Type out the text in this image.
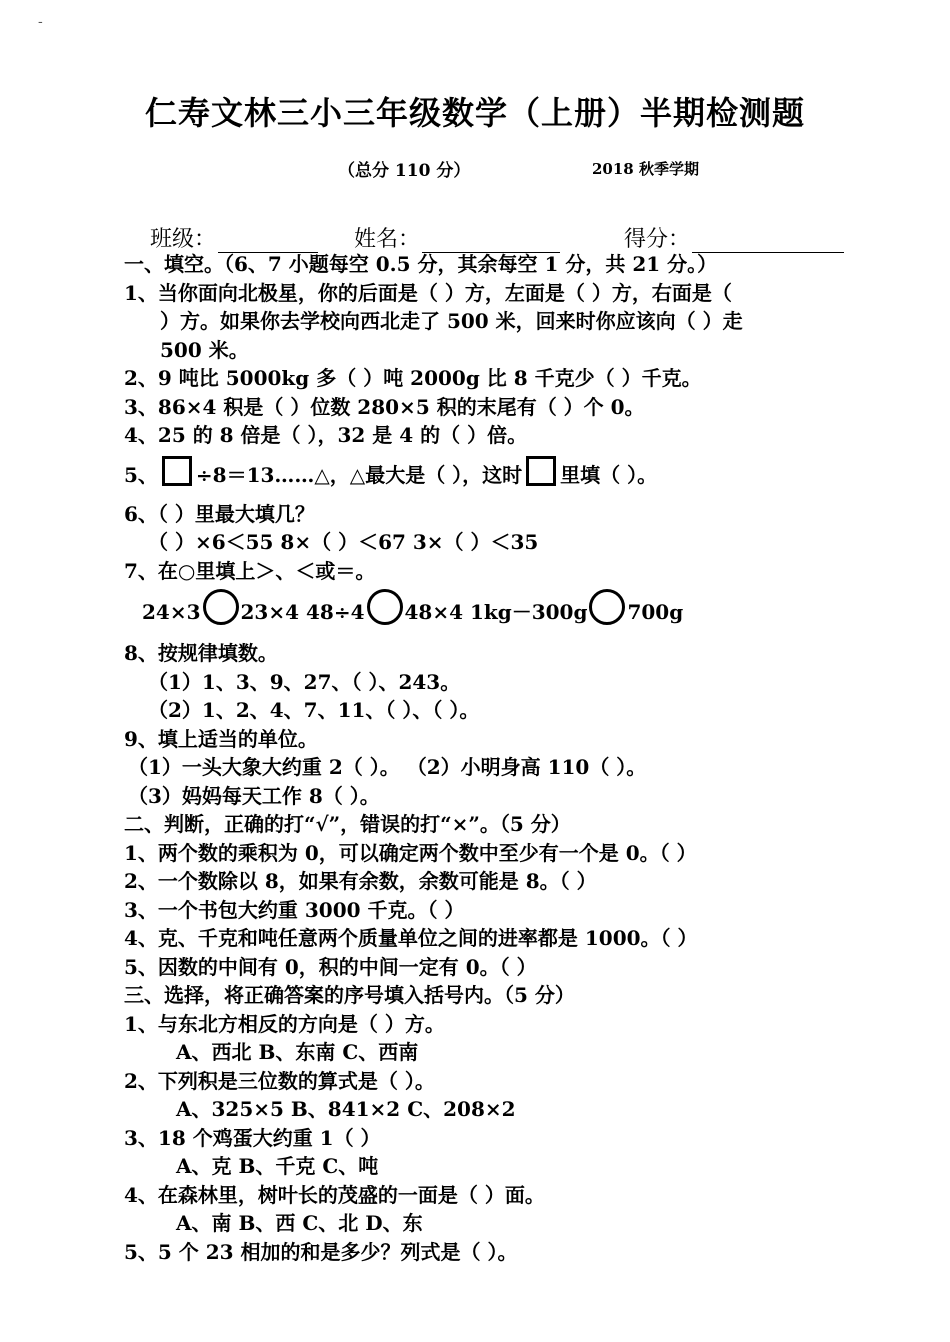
-
仁寿文林三小三年级数学（上册）半期检测题
（总分 110 分）	2018 秋季学期
班级：	姓名：	得分：
一、填空。（6、7 小题每空 0.5 分，其余每空 1 分，共 21 分。）
1、当你面向北极星，你的后面是（ ）方，左面是（ ）方，右面是（
）方。如果你去学校向西北走了 500 米，回来时你应该向（ ）走
500 米。
2、9 吨比 5000kg 多（ ）吨 2000g 比 8 千克少（ ）千克。
3、86×4 积是（ ）位数 280×5 积的末尾有（ ）个 0。
4、25 的 8 倍是（ ），32 是 4 的（ ）倍。
5、 ÷8＝13……△，△最大是（ ），这时 里填（ ）。
6、（ ）里最大填几？
（ ）×6＜55 8×（ ）＜67 3×（ ）＜35
7、在○里填上＞、＜或＝。
24×3 23×4 48÷4 48×4 1kg－300g 700g
8、按规律填数。
（1）1、3、9、27、（ ）、243。
（2）1、2、4、7、11、（ ）、（ ）。
9、填上适当的单位。
（1）一头大象大约重 2（ ）。 （2）小明身高 110（ ）。
（3）妈妈每天工作 8（ ）。
二、判断，正确的打“√”，错误的打“×”。（5 分）
1、两个数的乘积为 0，可以确定两个数中至少有一个是 0。（ ）
2、一个数除以 8，如果有余数，余数可能是 8。（ ）
3、一个书包大约重 3000 千克。（ ）
4、克、千克和吨任意两个质量单位之间的进率都是 1000。（ ）
5、因数的中间有 0，积的中间一定有 0。（ ）
三、选择，将正确答案的序号填入括号内。（5 分）
1、与东北方相反的方向是（ ）方。
A、西北 B、东南 C、西南
2、下列积是三位数的算式是（ ）。
A、325×5 B、841×2 C、208×2
3、18 个鸡蛋大约重 1（ ）
A、克 B、千克 C、吨
4、在森林里，树叶长的茂盛的一面是（ ）面。
A、南 B、西 C、北 D、东
5、5 个 23 相加的和是多少？列式是（ ）。
